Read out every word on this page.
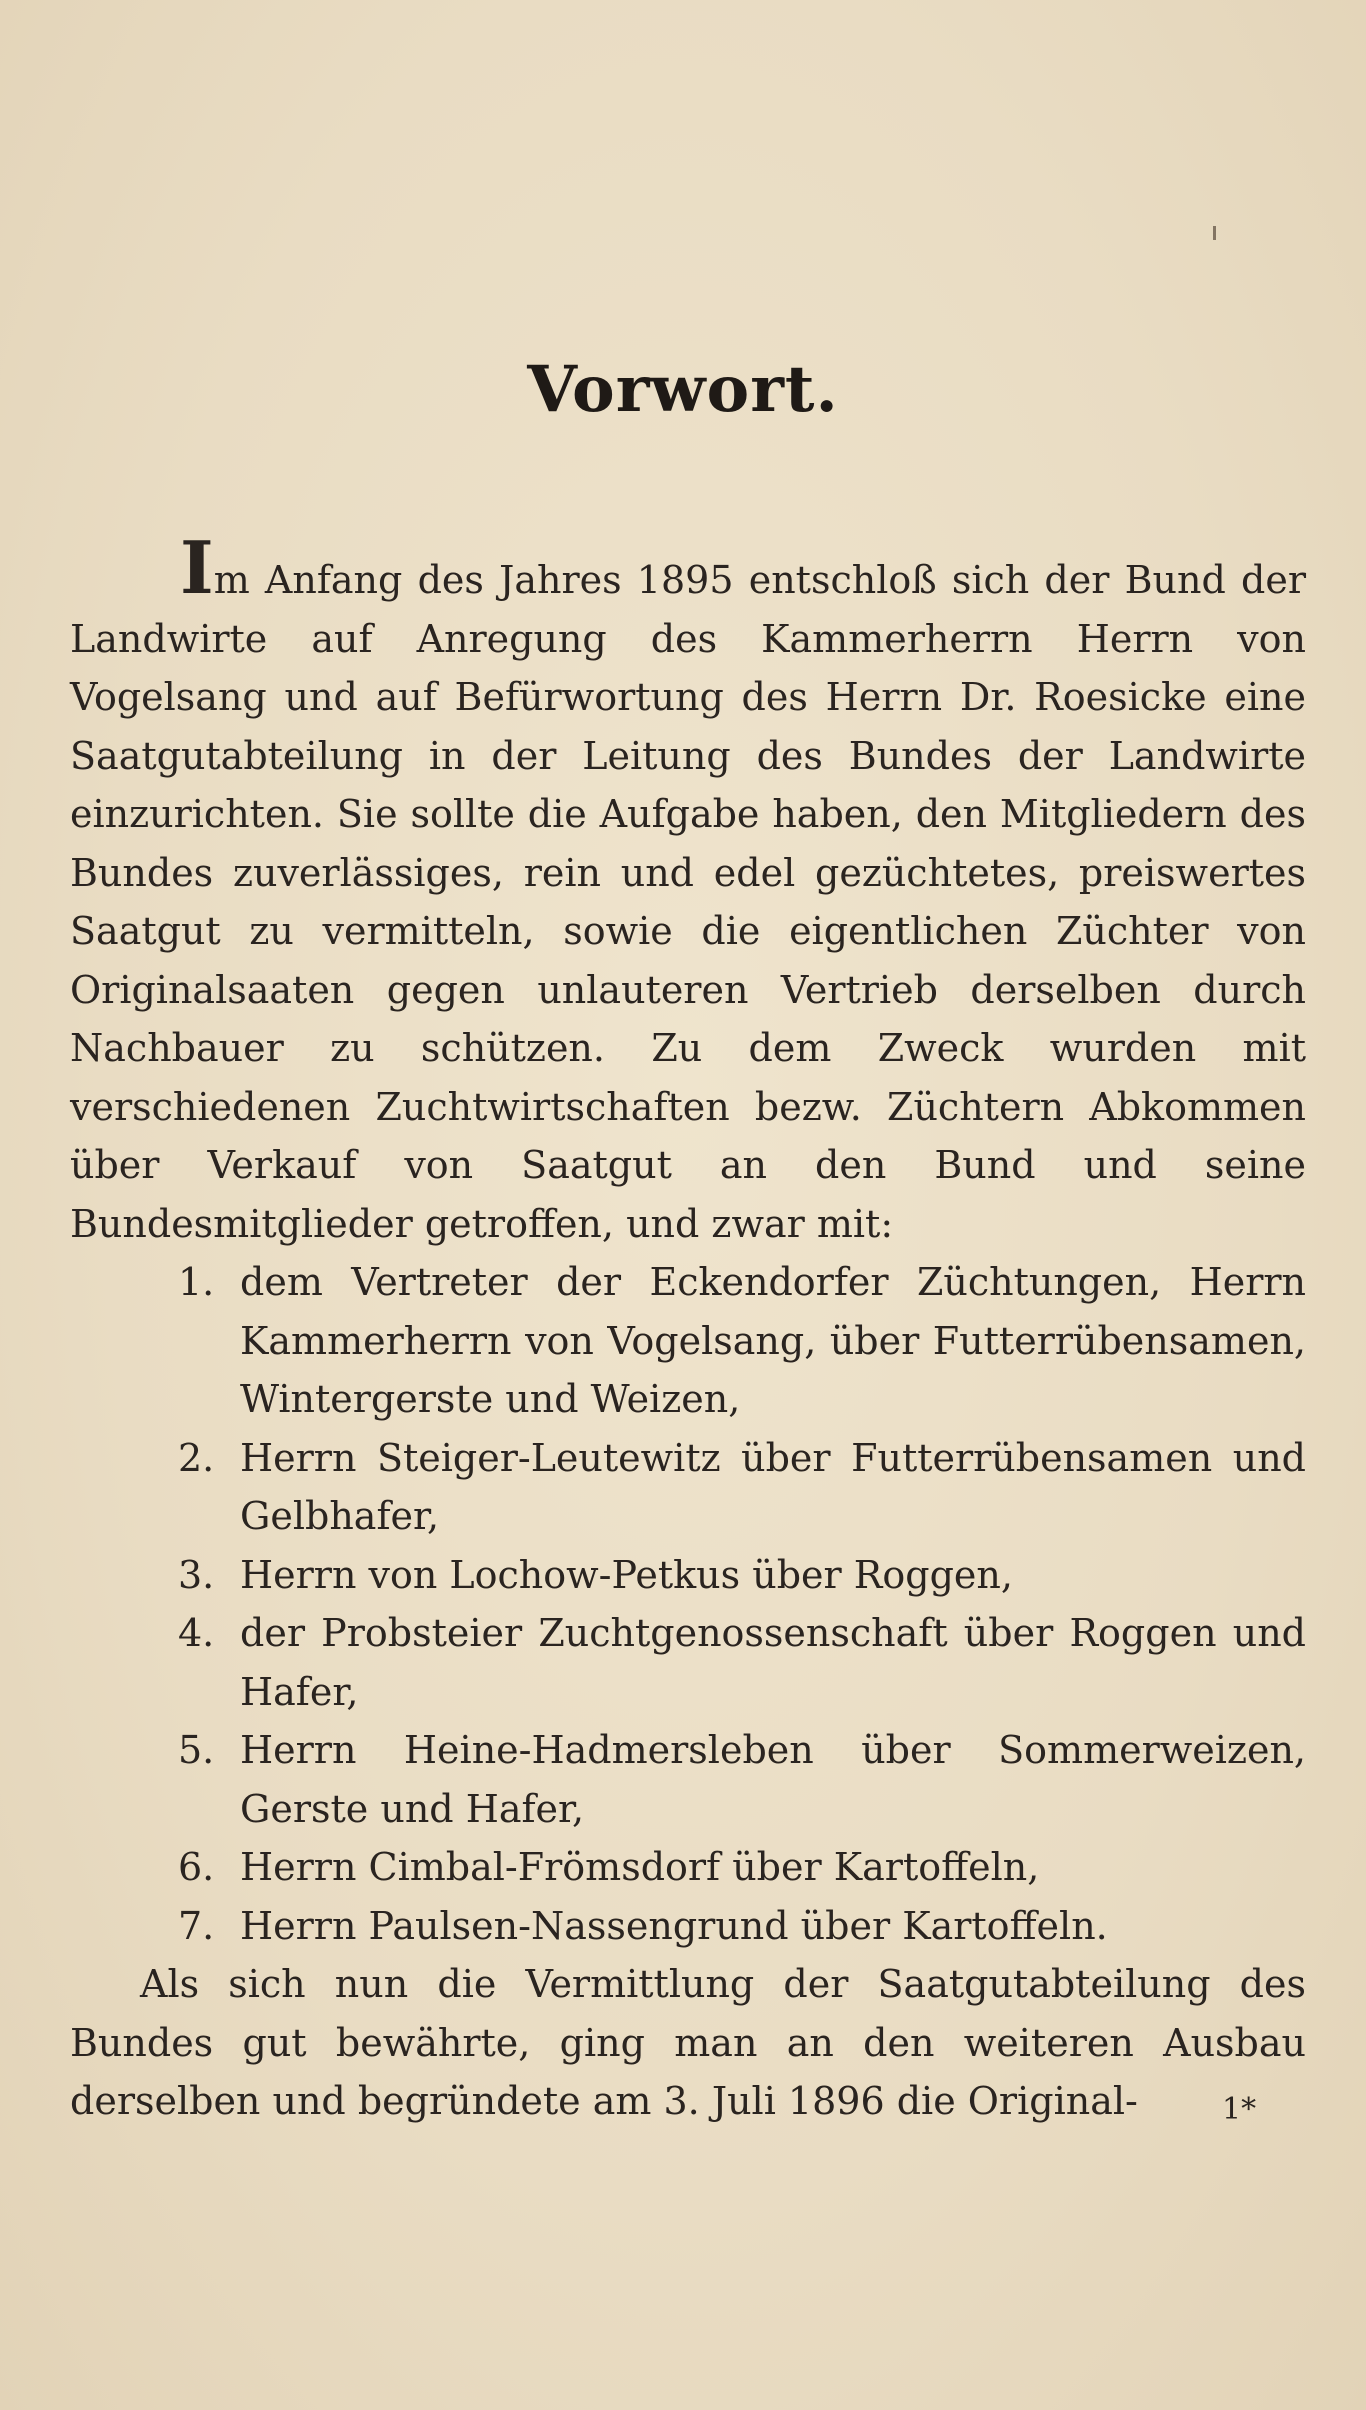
Vorwort.

Im Anfang des Jahres 1895 entschloß sich der Bund der Landwirte auf Anregung des Kammerherrn Herrn von Vogelsang und auf Befürwortung des Herrn Dr. Roesicke eine Saatgutabteilung in der Leitung des Bundes der Landwirte einzurichten. Sie sollte die Aufgabe haben, den Mitgliedern des Bundes zuverlässiges, rein und edel gezüchtetes, preiswertes Saatgut zu vermitteln, sowie die eigentlichen Züchter von Originalsaaten gegen unlauteren Vertrieb derselben durch Nachbauer zu schützen. Zu dem Zweck wurden mit verschiedenen Zuchtwirtschaften bezw. Züchtern Abkommen über Verkauf von Saatgut an den Bund und seine Bundesmitglieder getroffen, und zwar mit:

1. dem Vertreter der Eckendorfer Züchtungen, Herrn Kammerherrn von Vogelsang, über Futterrübensamen, Wintergerste und Weizen,
2. Herrn Steiger-Leutewitz über Futterrübensamen und Gelbhafer,
3. Herrn von Lochow-Petkus über Roggen,
4. der Probsteier Zuchtgenossenschaft über Roggen und Hafer,
5. Herrn Heine-Hadmersleben über Sommerweizen, Gerste und Hafer,
6. Herrn Cimbal-Frömsdorf über Kartoffeln,
7. Herrn Paulsen-Nassengrund über Kartoffeln.

Als sich nun die Vermittlung der Saatgutabteilung des Bundes gut bewährte, ging man an den weiteren Ausbau derselben und begründete am 3. Juli 1896 die Original-	1*
